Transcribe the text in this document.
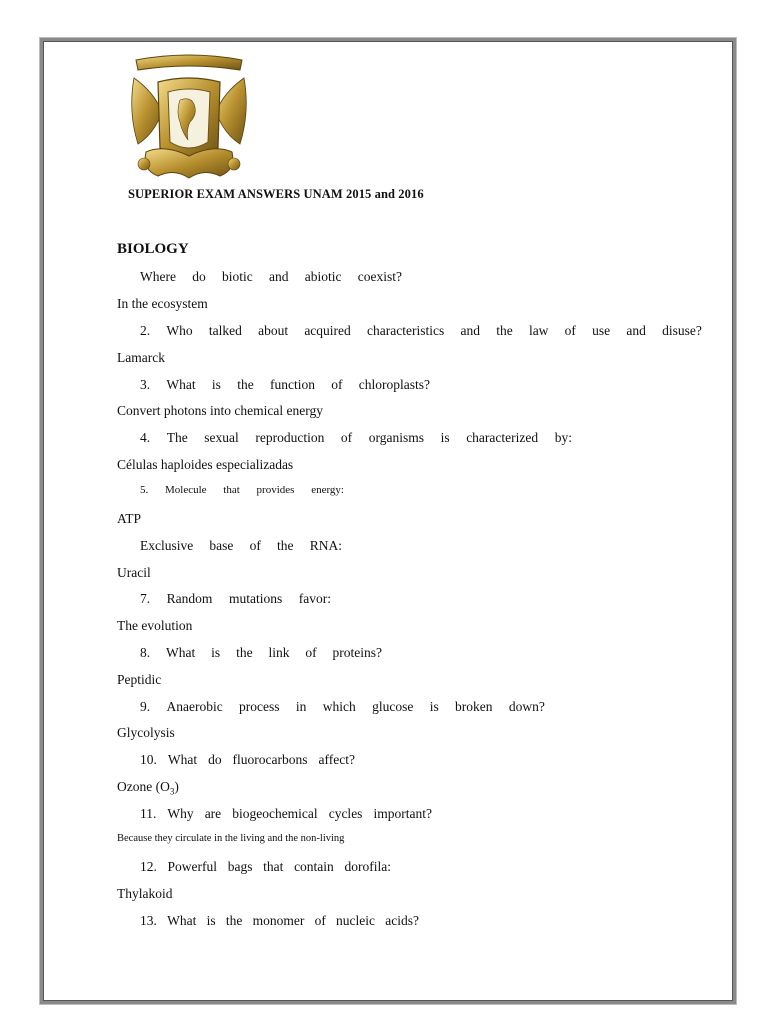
SUPERIOR EXAM ANSWERS UNAM 2015 and 2016
BIOLOGY
Where do biotic and abiotic coexist?
In the ecosystem
2. Who talked about acquired characteristics and the law of use and disuse?
Lamarck
3. What is the function of chloroplasts?
Convert photons into chemical energy
4. The sexual reproduction of organisms is characterized by:
Células haploides especializadas
5. Molecule that provides energy:
ATP
Exclusive base of the RNA:
Uracil
7. Random mutations favor:
The evolution
8. What is the link of proteins?
Peptidic
9. Anaerobic process in which glucose is broken down?
Glycolysis
10. What do fluorocarbons affect?
Ozone $(O_3)$
11. Why are biogeochemical cycles important?
Because they circulate in the living and the non-living
12. Powerful bags that contain dorofila:
Thylakoid
13. What is the monomer of nucleic acids?
